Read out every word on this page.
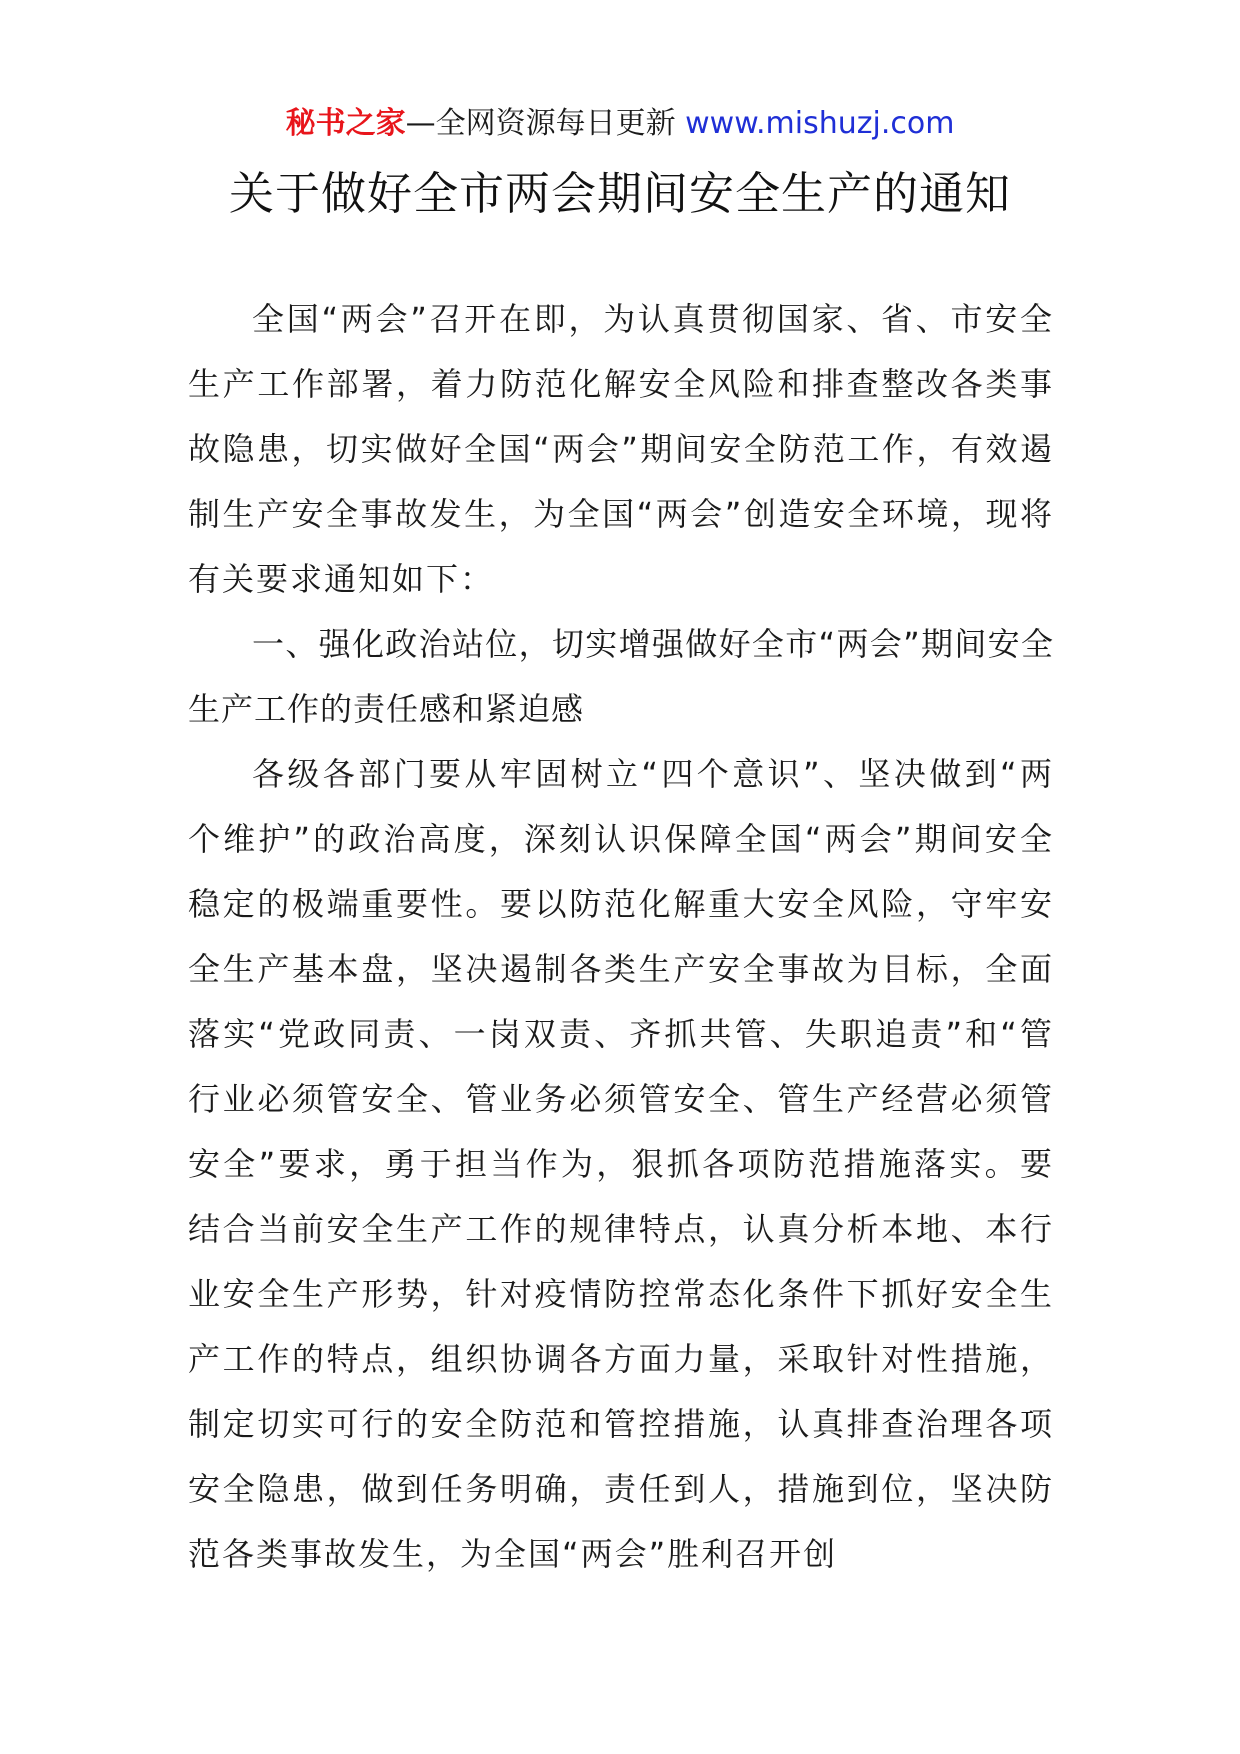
秘书之家—全网资源每日更新 www.mishuzj.com
关于做好全市两会期间安全生产的通知

全国“两会”召开在即，为认真贯彻国家、省、市安全生产工作部署，着力防范化解安全风险和排查整改各类事故隐患，切实做好全国“两会”期间安全防范工作，有效遏制生产安全事故发生，为全国“两会”创造安全环境，现将有关要求通知如下：

一、强化政治站位，切实增强做好全市“两会”期间安全生产工作的责任感和紧迫感

各级各部门要从牢固树立“四个意识”、坚决做到“两个维护”的政治高度，深刻认识保障全国“两会”期间安全稳定的极端重要性。要以防范化解重大安全风险，守牢安全生产基本盘，坚决遏制各类生产安全事故为目标，全面落实“党政同责、一岗双责、齐抓共管、失职追责”和“管行业必须管安全、管业务必须管安全、管生产经营必须管安全”要求，勇于担当作为，狠抓各项防范措施落实。要结合当前安全生产工作的规律特点，认真分析本地、本行业安全生产形势，针对疫情防控常态化条件下抓好安全生产工作的特点，组织协调各方面力量，采取针对性措施，制定切实可行的安全防范和管控措施，认真排查治理各项安全隐患，做到任务明确，责任到人，措施到位，坚决防范各类事故发生，为全国“两会”胜利召开创
